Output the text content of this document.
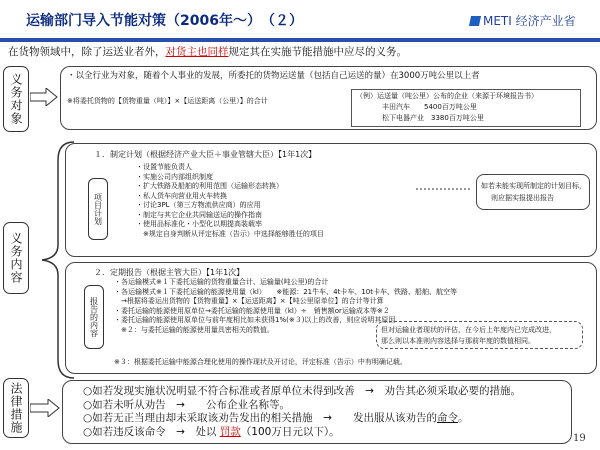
运输部门导入节能对策（2006年～）　（２）	METI 经济产业省
在货物领域中，除了运送业者外，对货主也同样规定其在实施节能措施中应尽的义务。
义务对象	・以全行业为对象，随着个人事业的发展，所委托的货物运送量（包括自己运送的量）在3000万吨公里以上者
※将委托货物的【货物重量（吨）】×【运送距离（公里）】的合计
（例）运送量（吨公里）公布的企业（来源于环境报告书）
丰田汽车　　5400百万吨公里
松下电器产业　3380百万吨公里
义务内容
１．制定计划（根据经济产业大臣＋事业管辖大臣）【1年1次】
项目计划
・设置节能负责人
・实施公司内部组织制度
・扩大铁路及船舶的利用范围（运输形态转换）
・私人货车向营业用火车转换
・讨论3PL（第三方物流供应商）的应用
・制定与其它企业共同输送运的操作指南
・使用品标准化・小型化以期提高装载率
　※规定自身判断从评定标准（告示）中选择能够胜任的项目
如若未能实现所制定的计划目标，
则应据实报提出报告
２．定期报告（根据主管大臣）【1年1次】
报告的内容
・各运输模式※１下委托运输的货物重量合计、运输量(吨公里)的合计
・各运输模式※１下委托运输的能源使用量（kl）　　※能源：21牛车、4t卡车、10t卡车、铁路、船舶、航空等
　→根据将委运出货物的【货物重量】×【运送距离】×【吨公里原单位】的合计等计算
・委托运输的能源使用原单位→委托运输的能源使用量（kl）÷　销售额or运输成本等※２
・委托运输的能源使用原单位与前年度相比如未获得1%(※３)以上的改善，则应说明其原因
　※２：与委托运输的能源使用量具密相关的数值。	但对运输业者现状的评估，在今后上年度内已完成改进，
那么则以本准则内容选择与那前年度的数值相同。
※３：根据委托运输中能源合理化使用的操作现状及开讨论，评定标准（告示）中有明确记载。
法律措施	○如若发现实施状况明显不符合标准或者原单位未得到改善　→　劝告其必须采取必要的措施。
○如若未听从劝告　→　　公布企业名称等。
○如若无正当理由却未采取该劝告发出的相关措施　→　　发出服从该劝告的命令。
○如若违反该命令　→　处以 罚款（100万日元以下）。
19
